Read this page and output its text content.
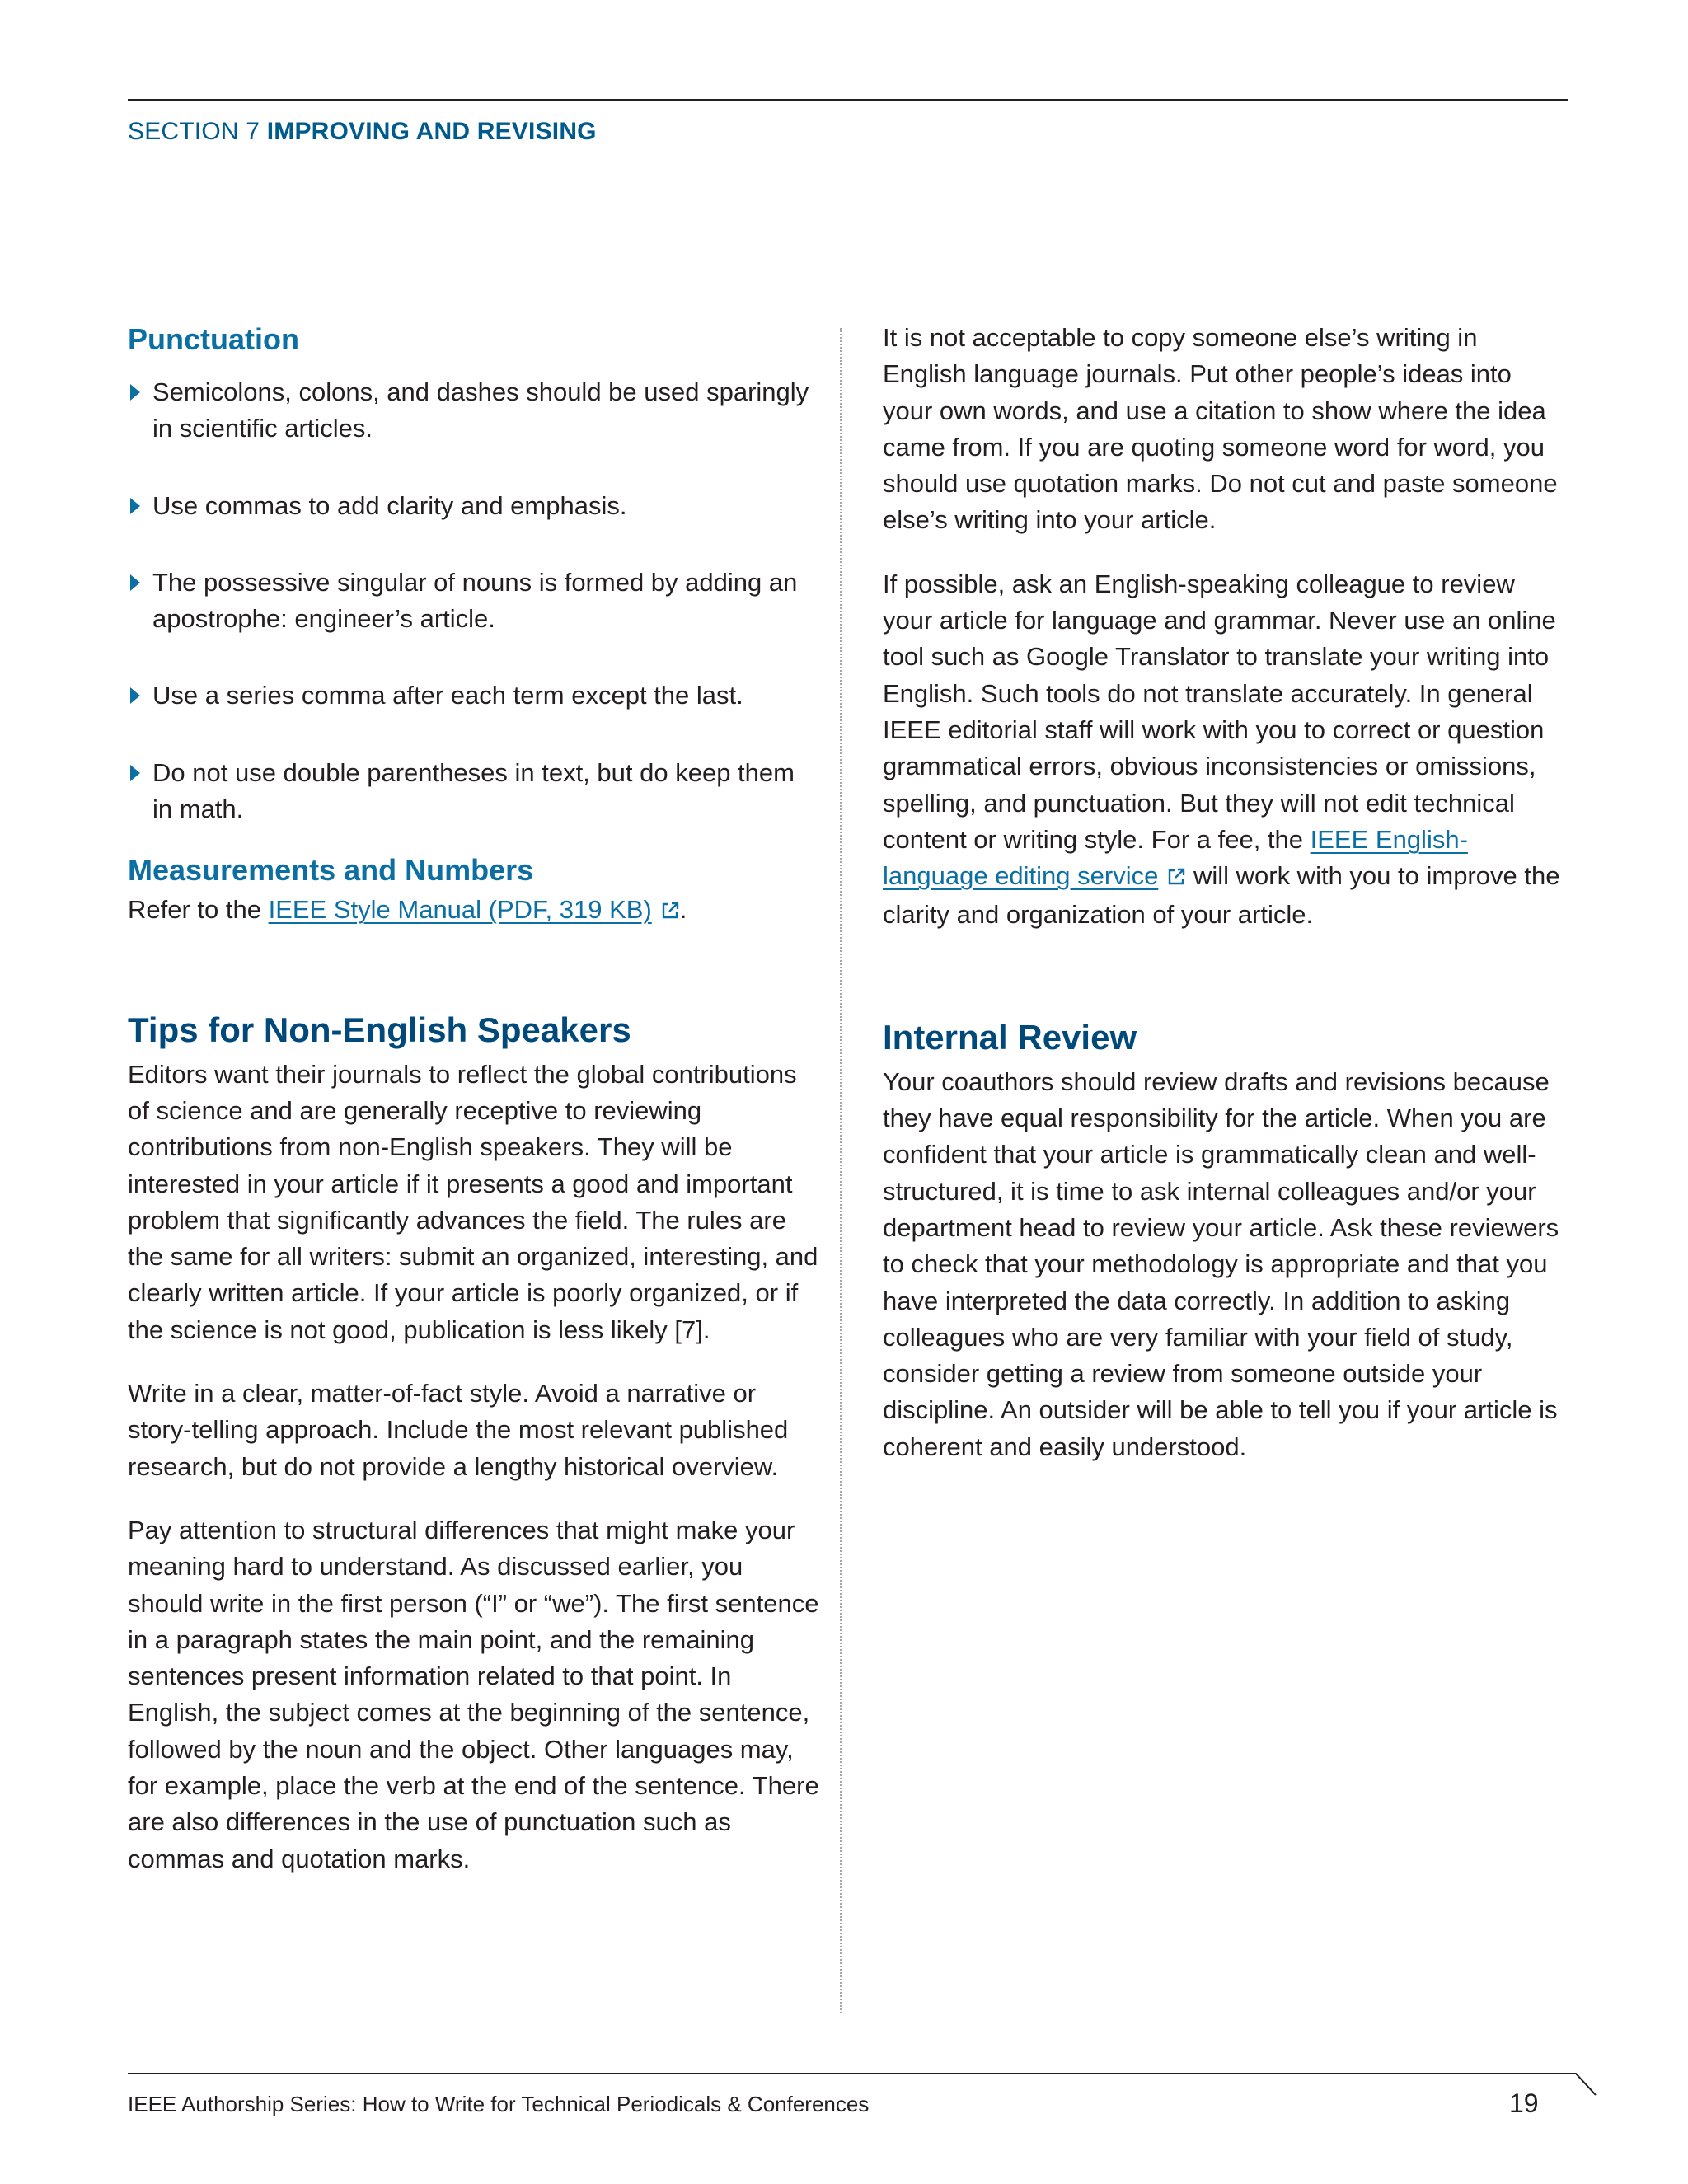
SECTION 7 IMPROVING AND REVISING
Punctuation
Semicolons, colons, and dashes should be used sparingly in scientific articles.
Use commas to add clarity and emphasis.
The possessive singular of nouns is formed by adding an apostrophe: engineer’s article.
Use a series comma after each term except the last.
Do not use double parentheses in text, but do keep them in math.
Measurements and Numbers

Refer to the IEEE Style Manual (PDF, 319 KB) .

Tips for Non-English Speakers

Editors want their journals to reflect the global contributions of science and are generally receptive to reviewing contributions from non-English speakers. They will be interested in your article if it presents a good and important problem that significantly advances the field. The rules are the same for all writers: submit an organized, interesting, and clearly written article. If your article is poorly organized, or if the science is not good, publication is less likely [7].

Write in a clear, matter-of-fact style. Avoid a narrative or story-telling approach. Include the most relevant published research, but do not provide a lengthy historical overview.

Pay attention to structural differences that might make your meaning hard to understand. As discussed earlier, you should write in the first person (“I” or “we”). The first sentence in a paragraph states the main point, and the remaining sentences present information related to that point. In English, the subject comes at the beginning of the sentence, followed by the noun and the object. Other languages may, for example, place the verb at the end of the sentence. There are also differences in the use of punctuation such as commas and quotation marks.

It is not acceptable to copy someone else’s writing in English language journals. Put other people’s ideas into your own words, and use a citation to show where the idea came from. If you are quoting someone word for word, you should use quotation marks. Do not cut and paste someone else’s writing into your article.

If possible, ask an English-speaking colleague to review your article for language and grammar. Never use an online tool such as Google Translator to translate your writing into English. Such tools do not translate accurately. In general IEEE editorial staff will work with you to correct or question grammatical errors, obvious inconsistencies or omissions, spelling, and punctuation. But they will not edit technical content or writing style. For a fee, the IEEE English-language editing service will work with you to improve the clarity and organization of your article.

Internal Review

Your coauthors should review drafts and revisions because they have equal responsibility for the article. When you are confident that your article is grammatically clean and well-structured, it is time to ask internal colleagues and/or your department head to review your article. Ask these reviewers to check that your methodology is appropriate and that you have interpreted the data correctly. In addition to asking colleagues who are very familiar with your field of study, consider getting a review from someone outside your discipline. An outsider will be able to tell you if your article is coherent and easily understood.

IEEE Authorship Series: How to Write for Technical Periodicals & Conferences	19
